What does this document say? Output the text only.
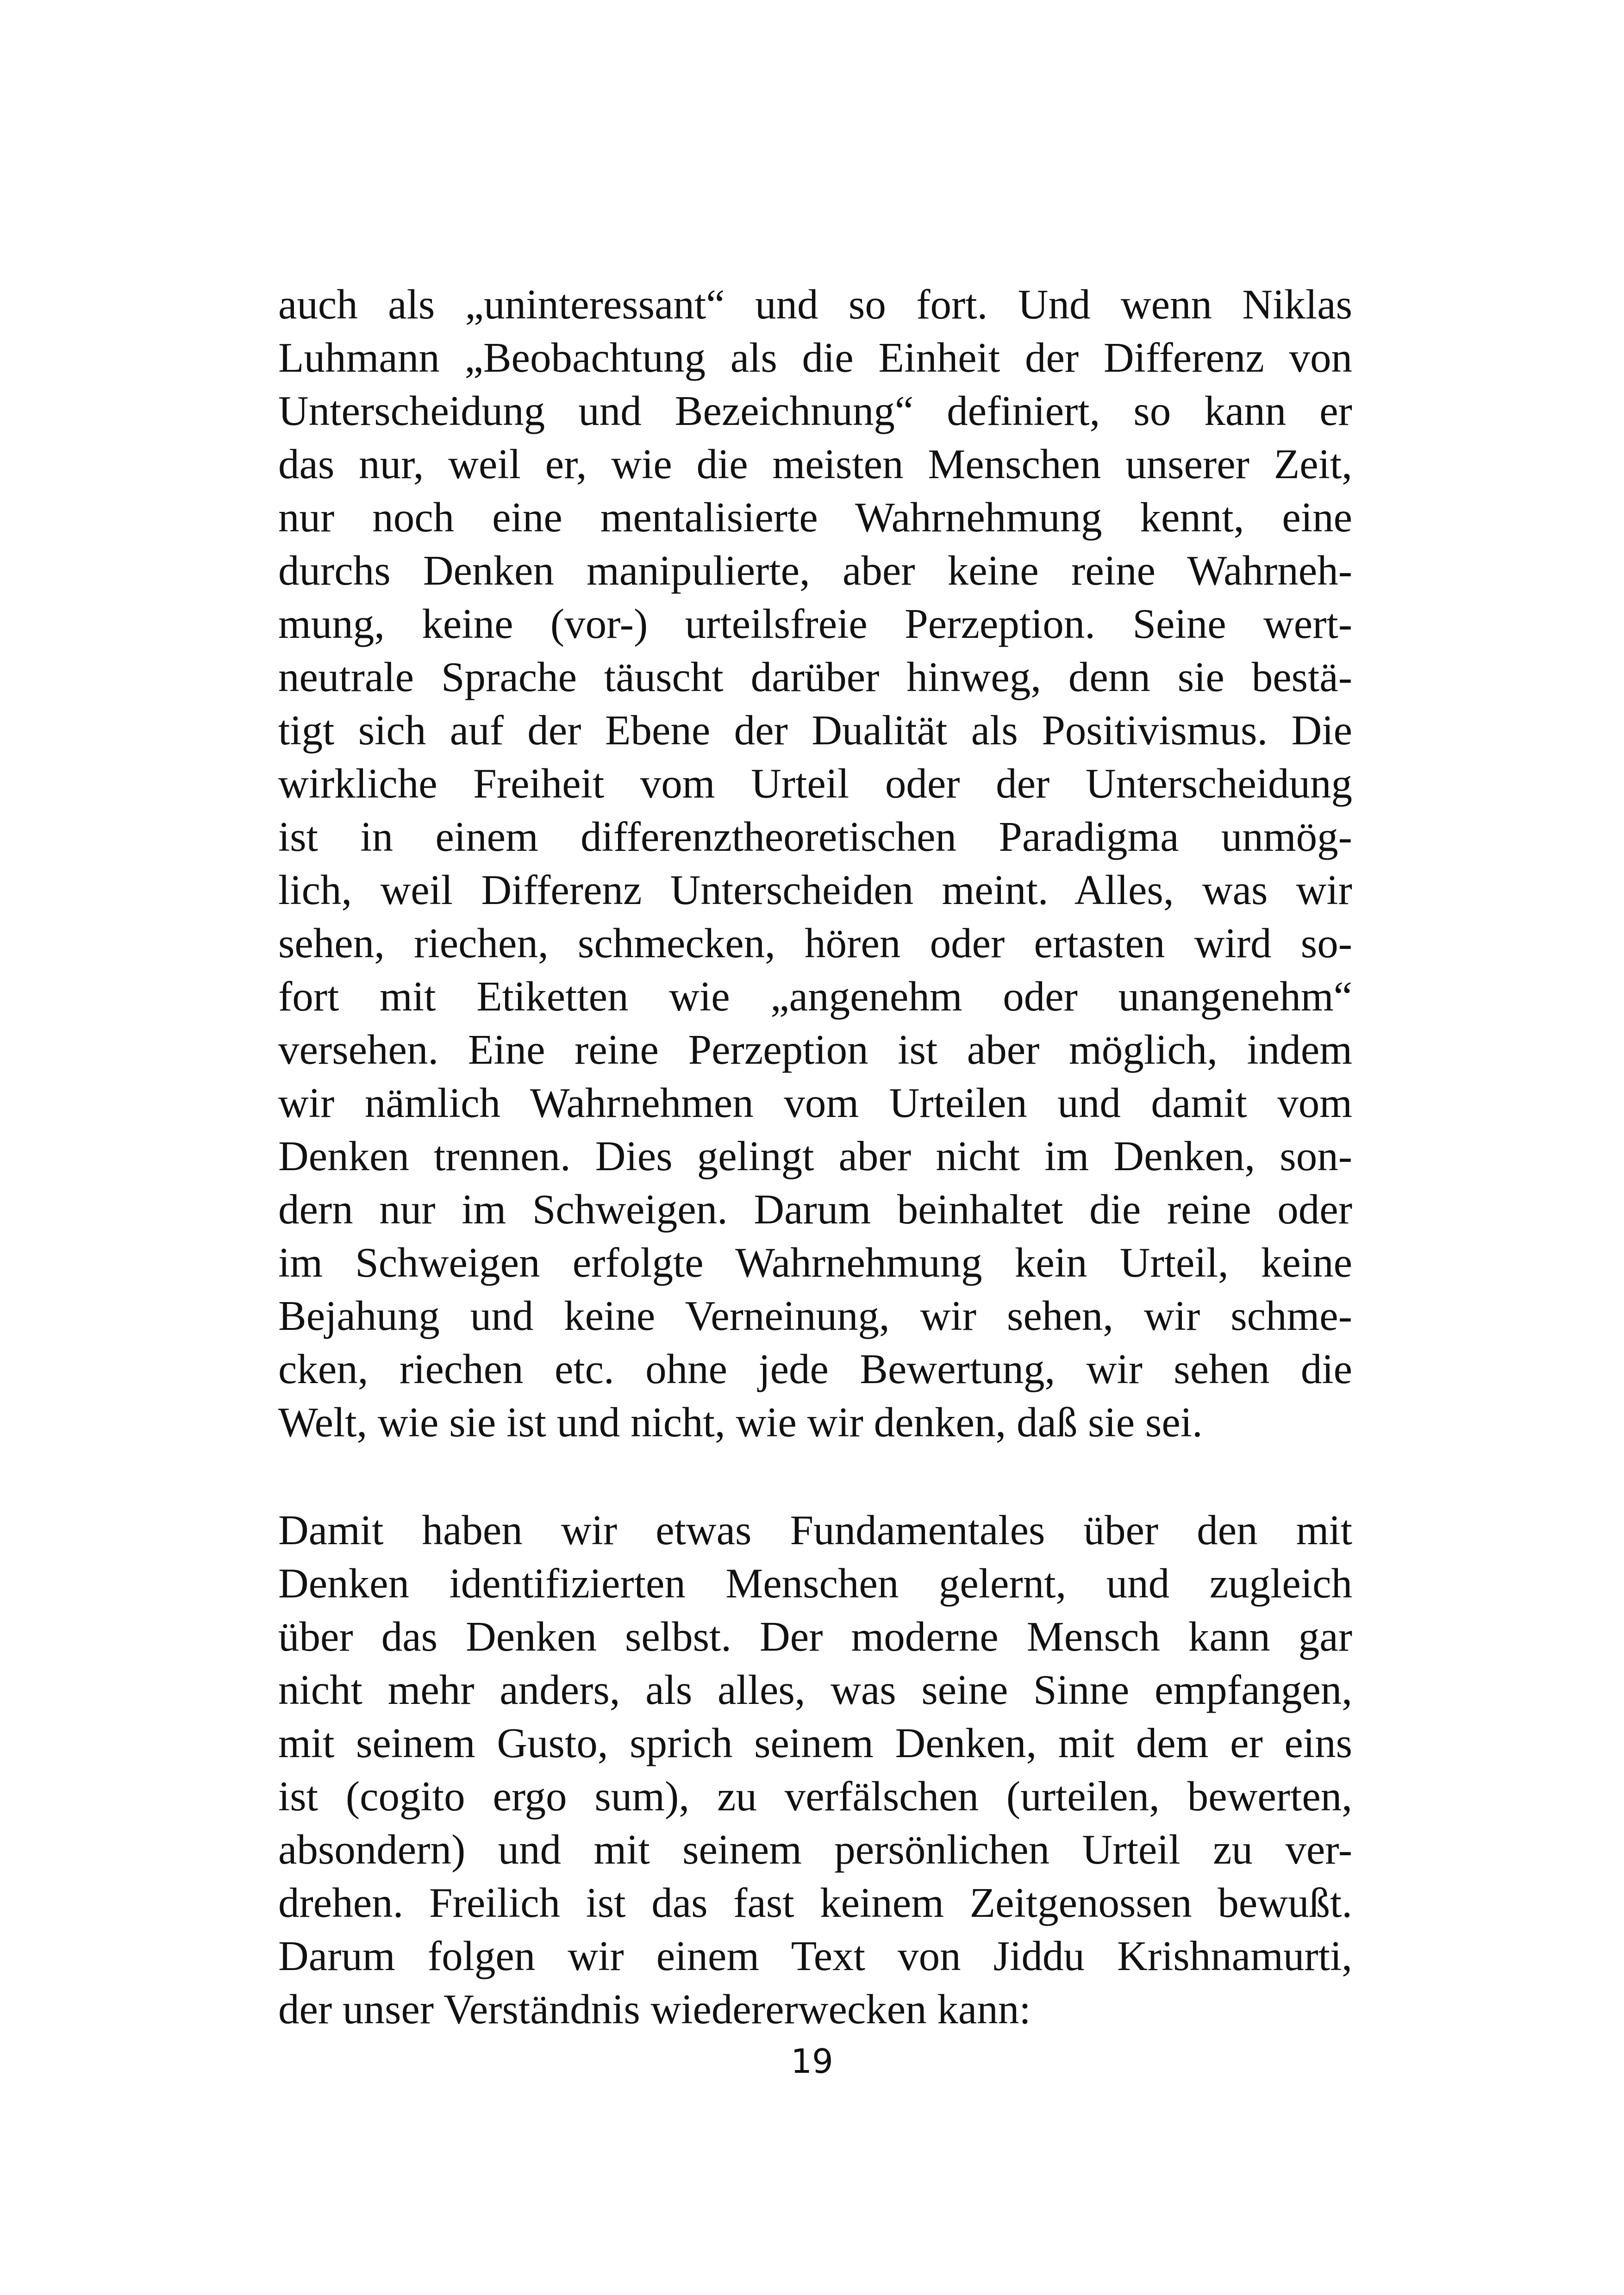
auch als „uninteressant“ und so fort. Und wenn Niklas
Luhmann „Beobachtung als die Einheit der Differenz von
Unterscheidung und Bezeichnung“ definiert, so kann er
das nur, weil er, wie die meisten Menschen unserer Zeit,
nur noch eine mentalisierte Wahrnehmung kennt, eine
durchs Denken manipulierte, aber keine reine Wahrneh-
mung, keine (vor-) urteilsfreie Perzeption. Seine wert-
neutrale Sprache täuscht darüber hinweg, denn sie bestä-
tigt sich auf der Ebene der Dualität als Positivismus. Die
wirkliche Freiheit vom Urteil oder der Unterscheidung
ist in einem differenztheoretischen Paradigma unmög-
lich, weil Differenz Unterscheiden meint. Alles, was wir
sehen, riechen, schmecken, hören oder ertasten wird so-
fort mit Etiketten wie „angenehm oder unangenehm“
versehen. Eine reine Perzeption ist aber möglich, indem
wir nämlich Wahrnehmen vom Urteilen und damit vom
Denken trennen. Dies gelingt aber nicht im Denken, son-
dern nur im Schweigen. Darum beinhaltet die reine oder
im Schweigen erfolgte Wahrnehmung kein Urteil, keine
Bejahung und keine Verneinung, wir sehen, wir schme-
cken, riechen etc. ohne jede Bewertung, wir sehen die
Welt, wie sie ist und nicht, wie wir denken, daß sie sei.

Damit haben wir etwas Fundamentales über den mit
Denken identifizierten Menschen gelernt, und zugleich
über das Denken selbst. Der moderne Mensch kann gar
nicht mehr anders, als alles, was seine Sinne empfangen,
mit seinem Gusto, sprich seinem Denken, mit dem er eins
ist (cogito ergo sum), zu verfälschen (urteilen, bewerten,
absondern) und mit seinem persönlichen Urteil zu ver-
drehen. Freilich ist das fast keinem Zeitgenossen bewußt.
Darum folgen wir einem Text von Jiddu Krishnamurti,
der unser Verständnis wiedererwecken kann:

19
